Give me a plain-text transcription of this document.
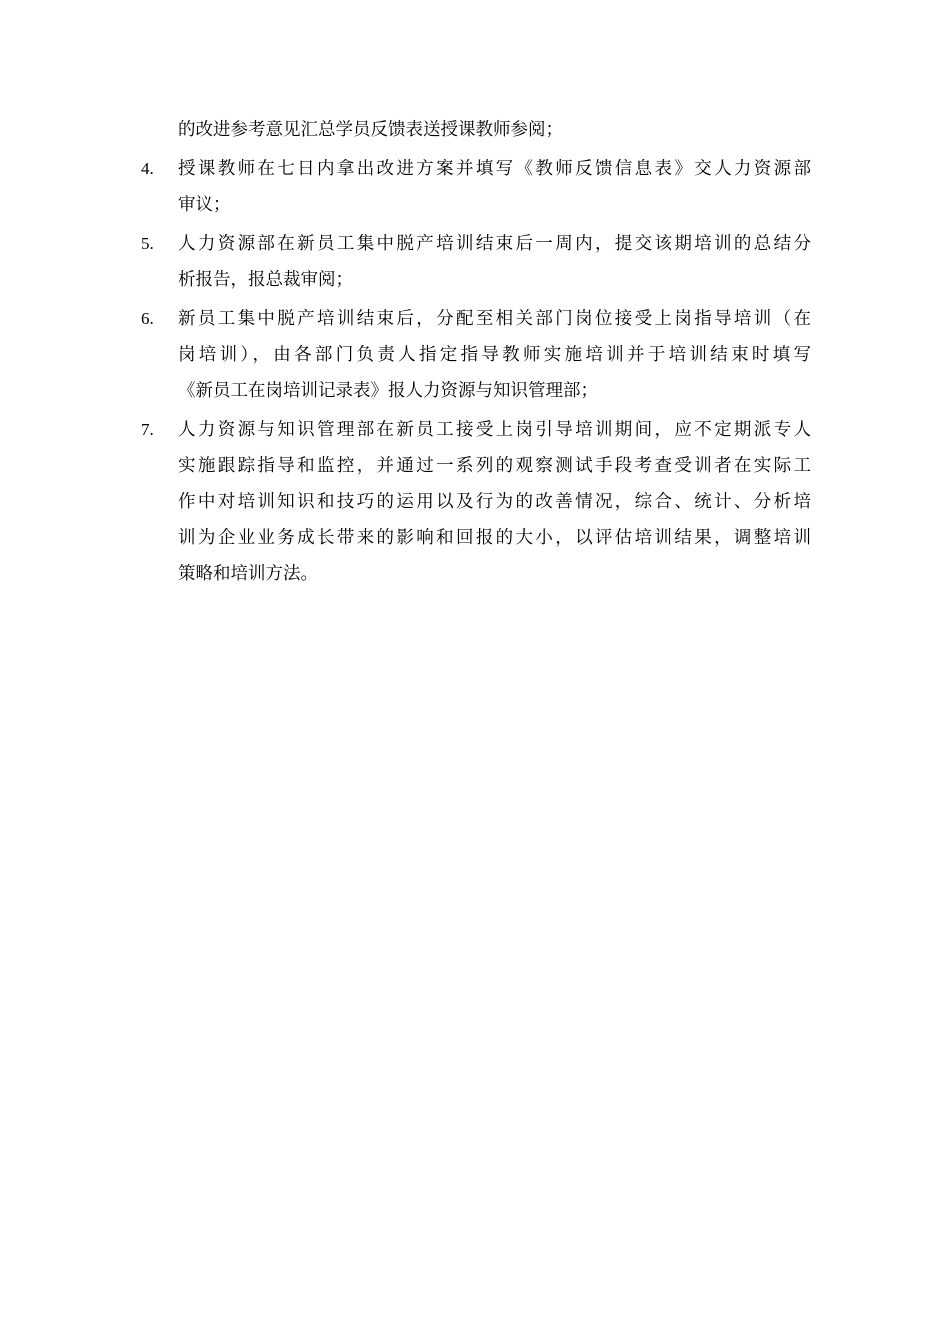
的改进参考意见汇总学员反馈表送授课教师参阅；
4.	授课教师在七日内拿出改进方案并填写《教师反馈信息表》交人力资源部
审议；
5.	人力资源部在新员工集中脱产培训结束后一周内，提交该期培训的总结分
析报告，报总裁审阅；
6.	新员工集中脱产培训结束后，分配至相关部门岗位接受上岗指导培训（在
岗培训），由各部门负责人指定指导教师实施培训并于培训结束时填写
《新员工在岗培训记录表》报人力资源与知识管理部；
7.	人力资源与知识管理部在新员工接受上岗引导培训期间，应不定期派专人
实施跟踪指导和监控，并通过一系列的观察测试手段考查受训者在实际工
作中对培训知识和技巧的运用以及行为的改善情况，综合、统计、分析培
训为企业业务成长带来的影响和回报的大小，以评估培训结果，调整培训
策略和培训方法。
